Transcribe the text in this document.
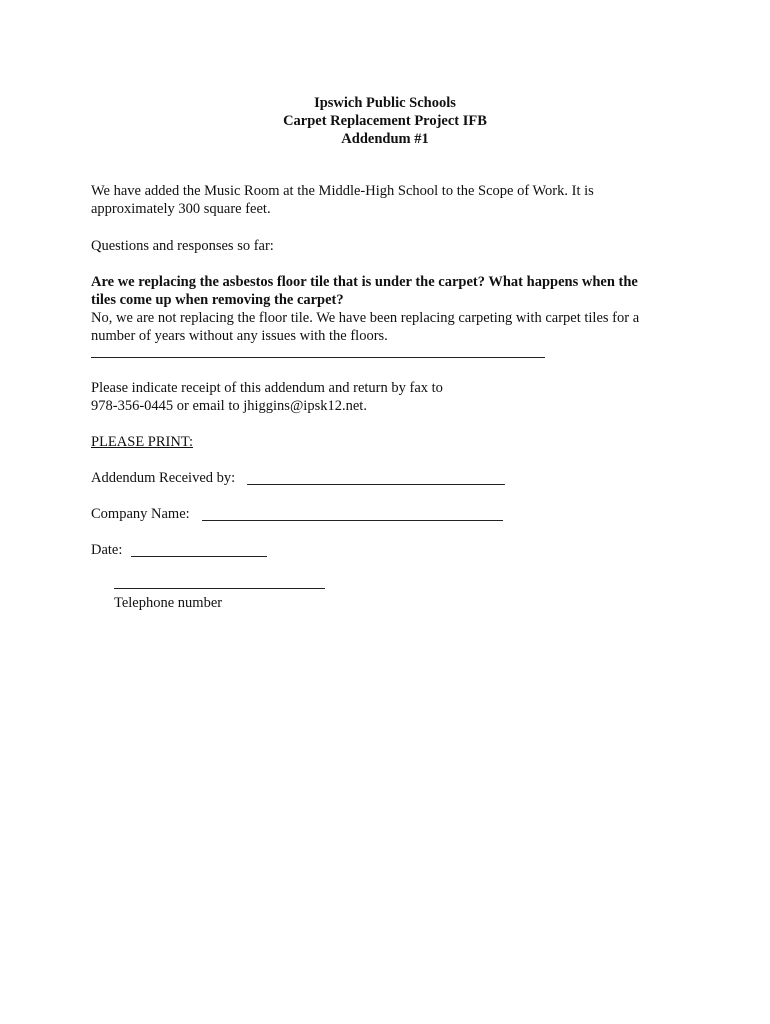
Ipswich Public Schools
Carpet Replacement Project IFB
Addendum #1
We have added the Music Room at the Middle-High School to the Scope of Work. It is
approximately 300 square feet.
Questions and responses so far:
Are we replacing the asbestos floor tile that is under the carpet? What happens when the
tiles come up when removing the carpet?
No, we are not replacing the floor tile. We have been replacing carpeting with carpet tiles for a
number of years without any issues with the floors.
Please indicate receipt of this addendum and return by fax to
978-356-0445 or email to jhiggins@ipsk12.net.
PLEASE PRINT:
Addendum Received by:
Company Name:
Date:
Telephone number
